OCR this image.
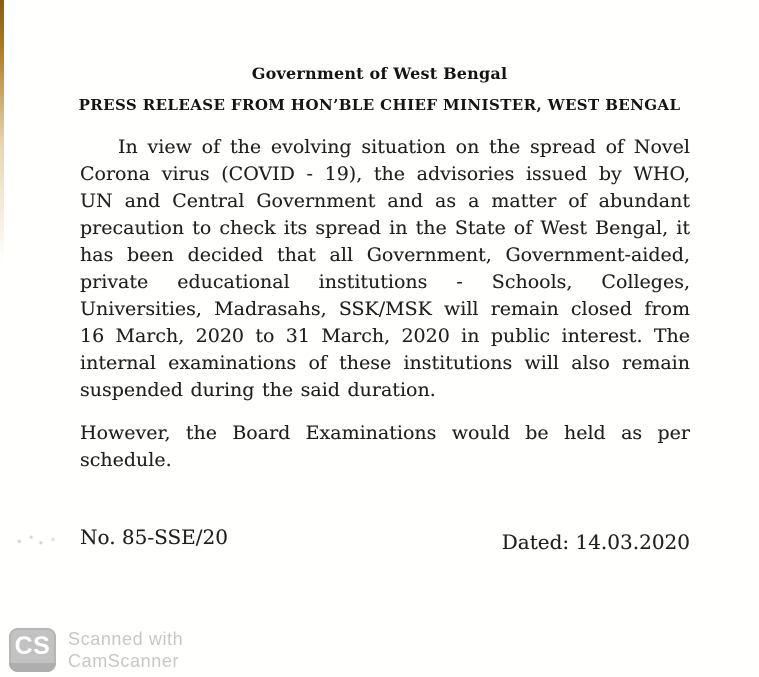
Government of West Bengal
PRESS RELEASE FROM HON’BLE CHIEF MINISTER, WEST BENGAL

In view of the evolving situation on the spread of Novel Corona virus (COVID - 19), the advisories issued by WHO, UN and Central Government and as a matter of abundant precaution to check its spread in the State of West Bengal, it has been decided that all Government, Government-aided, private educational institutions - Schools, Colleges, Universities, Madrasahs, SSK/MSK will remain closed from 16 March, 2020 to 31 March, 2020 in public interest. The internal examinations of these institutions will also remain suspended during the said duration.

However, the Board Examinations would be held as per schedule.

No. 85-SSE/20	Dated: 14.03.2020
CS Scanned with
CamScanner
